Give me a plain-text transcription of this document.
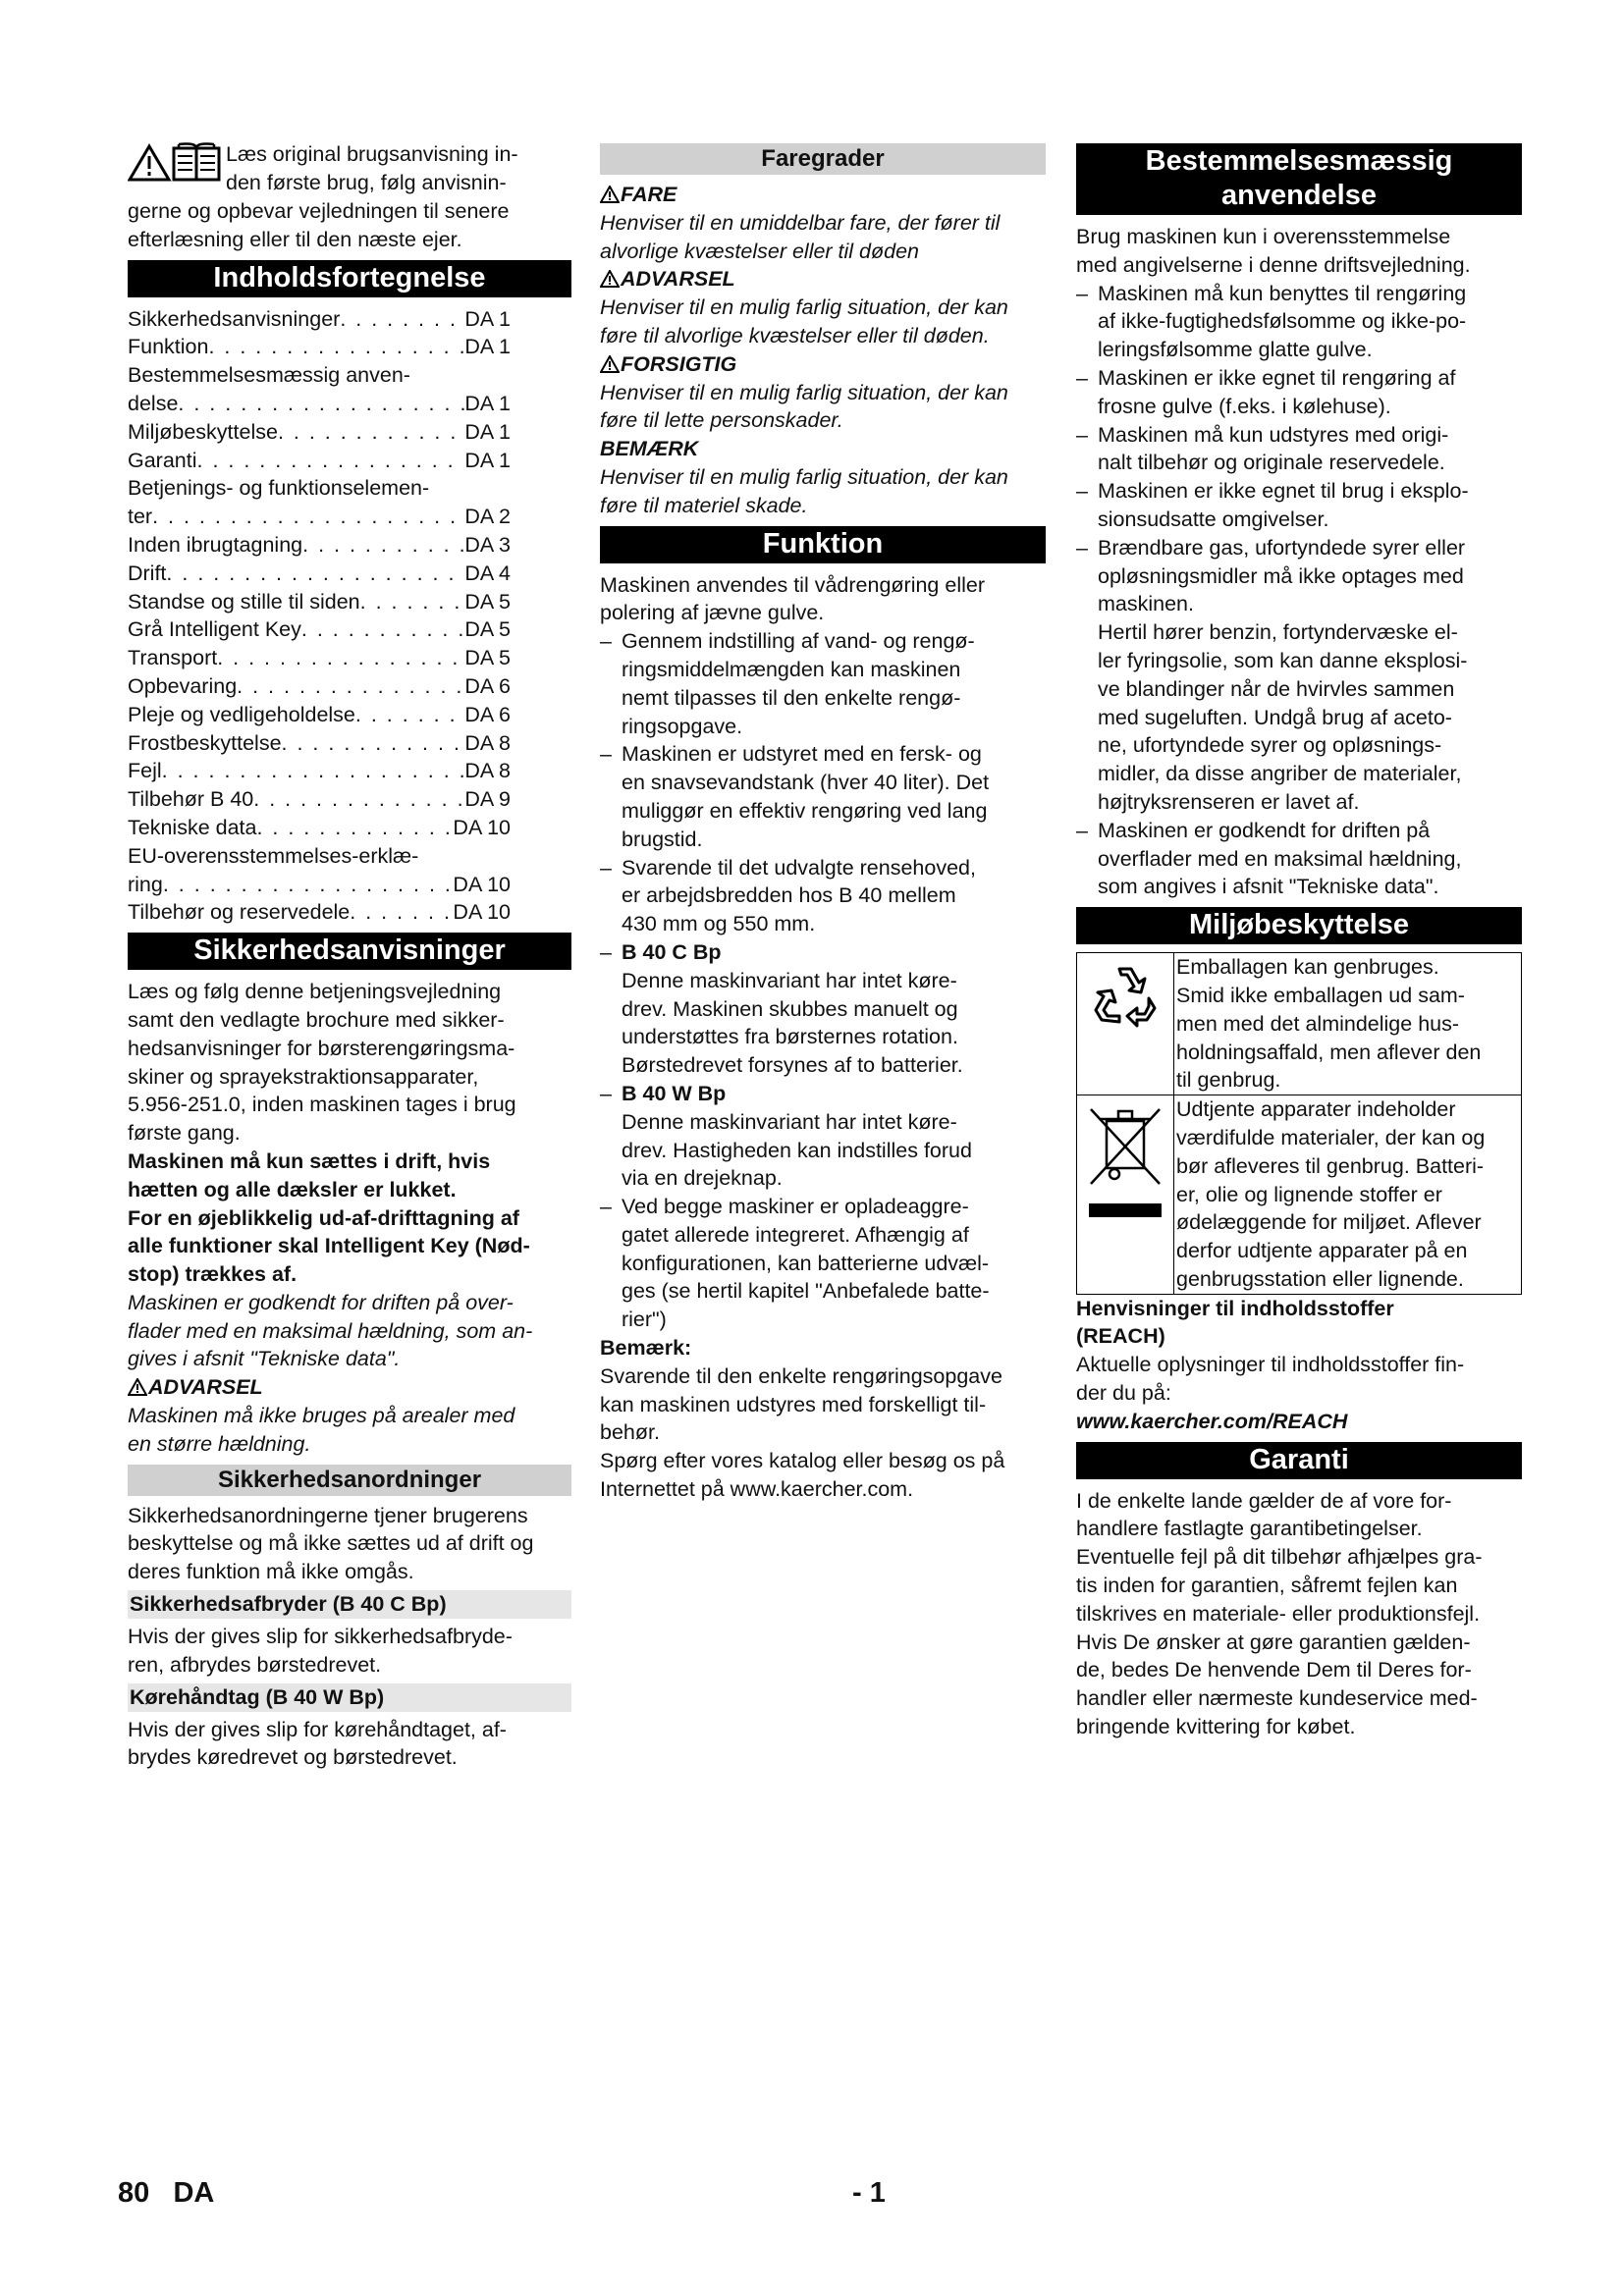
Læs original brugsanvisning in-

den første brug, følg anvisnin-

gerne og opbevar vejledningen til senere

efterlæsning eller til den næste ejer.

Indholdsfortegnelse
Sikkerhedsanvisninger . . .	DA 1
Funktion . . .	DA 1

Bestemmelsesmæssig anven-

delse . . .	DA 1
Miljøbeskyttelse . . .	DA 1
Garanti . . .	DA 1

Betjenings- og funktionselemen-

ter . . .	DA 2
Inden ibrugtagning . . .	DA 3
Drift . . .	DA 4
Standse og stille til siden . . .	DA 5
Grå Intelligent Key . . .	DA 5
Transport . . .	DA 5
Opbevaring . . .	DA 6
Pleje og vedligeholdelse . . .	DA 6
Frostbeskyttelse . . .	DA 8
Fejl . . .	DA 8
Tilbehør B 40 . . .	DA 9
Tekniske data . . .	DA 10

EU-overensstemmelses-erklæ-

ring . . .	DA 10
Tilbehør og reservedele . . .	DA 10
Sikkerhedsanvisninger

Læs og følg denne betjeningsvejledning

samt den vedlagte brochure med sikker-

hedsanvisninger for børsterengøringsma-

skiner og sprayekstraktionsapparater,

5.956-251.0, inden maskinen tages i brug

første gang.

Maskinen må kun sættes i drift, hvis

hætten og alle dæksler er lukket.

For en øjeblikkelig ud-af-drifttagning af

alle funktioner skal Intelligent Key (Nød-

stop) trækkes af.

Maskinen er godkendt for driften på over-

flader med en maksimal hældning, som an-

gives i afsnit "Tekniske data".

ADVARSEL

Maskinen må ikke bruges på arealer med

en større hældning.

Sikkerhedsanordninger

Sikkerhedsanordningerne tjener brugerens

beskyttelse og må ikke sættes ud af drift og

deres funktion må ikke omgås.

Sikkerhedsafbryder (B 40 C Bp)

Hvis der gives slip for sikkerhedsafbryde-

ren, afbrydes børstedrevet.

Kørehåndtag (B 40 W Bp)

Hvis der gives slip for kørehåndtaget, af-

brydes køredrevet og børstedrevet.

Faregrader

FARE

Henviser til en umiddelbar fare, der fører til

alvorlige kvæstelser eller til døden

ADVARSEL

Henviser til en mulig farlig situation, der kan

føre til alvorlige kvæstelser eller til døden.

FORSIGTIG

Henviser til en mulig farlig situation, der kan

føre til lette personskader.

BEMÆRK

Henviser til en mulig farlig situation, der kan

føre til materiel skade.

Funktion

Maskinen anvendes til vådrengøring eller

polering af jævne gulve.

– Gennem indstilling af vand- og rengø-

ringsmiddelmængden kan maskinen

nemt tilpasses til den enkelte rengø-

ringsopgave.

– Maskinen er udstyret med en fersk- og

en snavsevandstank (hver 40 liter). Det

muliggør en effektiv rengøring ved lang

brugstid.

– Svarende til det udvalgte rensehoved,

er arbejdsbredden hos B 40 mellem

430 mm og 550 mm.

– B 40 C Bp

Denne maskinvariant har intet køre-

drev. Maskinen skubbes manuelt og

understøttes fra børsternes rotation.

Børstedrevet forsynes af to batterier.

– B 40 W Bp

Denne maskinvariant har intet køre-

drev. Hastigheden kan indstilles forud

via en drejeknap.

– Ved begge maskiner er opladeaggre-

gatet allerede integreret. Afhængig af

konfigurationen, kan batterierne udvæl-

ges (se hertil kapitel "Anbefalede batte-

rier")

Bemærk:

Svarende til den enkelte rengøringsopgave

kan maskinen udstyres med forskelligt til-

behør.

Spørg efter vores katalog eller besøg os på

Internettet på www.kaercher.com.

Bestemmelsesmæssig
anvendelse

Brug maskinen kun i overensstemmelse

med angivelserne i denne driftsvejledning.

– Maskinen må kun benyttes til rengøring

af ikke-fugtighedsfølsomme og ikke-po-

leringsfølsomme glatte gulve.

– Maskinen er ikke egnet til rengøring af

frosne gulve (f.eks. i kølehuse).

– Maskinen må kun udstyres med origi-

nalt tilbehør og originale reservedele.

– Maskinen er ikke egnet til brug i eksplo-

sionsudsatte omgivelser.

– Brændbare gas, ufortyndede syrer eller

opløsningsmidler må ikke optages med

maskinen.

Hertil hører benzin, fortyndervæske el-

ler fyringsolie, som kan danne eksplosi-

ve blandinger når de hvirvles sammen

med sugeluften. Undgå brug af aceto-

ne, ufortyndede syrer og opløsnings-

midler, da disse angriber de materialer,

højtryksrenseren er lavet af.

– Maskinen er godkendt for driften på

overflader med en maksimal hældning,

som angives i afsnit "Tekniske data".

Miljøbeskyttelse

Emballagen kan genbruges.

Smid ikke emballagen ud sam-

men med det almindelige hus-

holdningsaffald, men aflever den

til genbrug.

Udtjente apparater indeholder

værdifulde materialer, der kan og

bør afleveres til genbrug. Batteri-

er, olie og lignende stoffer er

ødelæggende for miljøet. Aflever

derfor udtjente apparater på en

genbrugsstation eller lignende.

Henvisninger til indholdsstoffer

(REACH)

Aktuelle oplysninger til indholdsstoffer fin-

der du på:

www.kaercher.com/REACH

Garanti

I de enkelte lande gælder de af vore for-

handlere fastlagte garantibetingelser.

Eventuelle fejl på dit tilbehør afhjælpes gra-

tis inden for garantien, såfremt fejlen kan

tilskrives en materiale- eller produktionsfejl.

Hvis De ønsker at gøre garantien gælden-

de, bedes De henvende Dem til Deres for-

handler eller nærmeste kundeservice med-

bringende kvittering for købet.

80 DA	- 1
